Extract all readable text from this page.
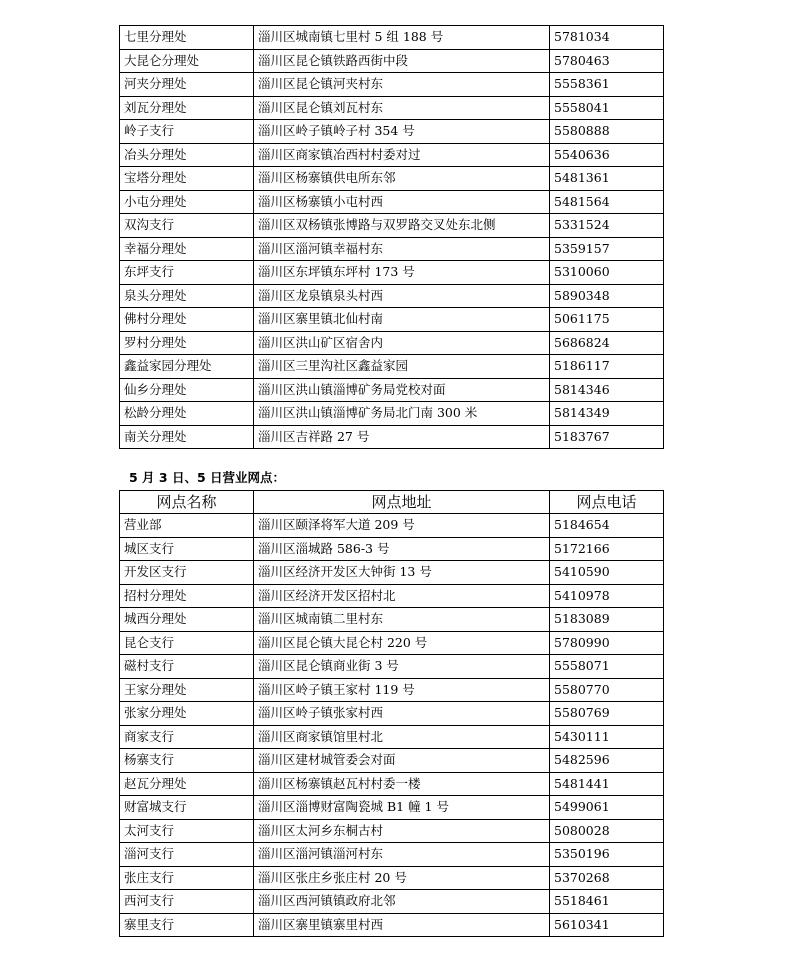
七里分理处	淄川区城南镇七里村 5 组 188 号	5781034
大昆仑分理处	淄川区昆仑镇铁路西街中段	5780463
河夹分理处	淄川区昆仑镇河夹村东	5558361
刘瓦分理处	淄川区昆仑镇刘瓦村东	5558041
岭子支行	淄川区岭子镇岭子村 354 号	5580888
冶头分理处	淄川区商家镇冶西村村委对过	5540636
宝塔分理处	淄川区杨寨镇供电所东邻	5481361
小屯分理处	淄川区杨寨镇小屯村西	5481564
双沟支行	淄川区双杨镇张博路与双罗路交叉处东北侧	5331524
幸福分理处	淄川区淄河镇幸福村东	5359157
东坪支行	淄川区东坪镇东坪村 173 号	5310060
泉头分理处	淄川区龙泉镇泉头村西	5890348
佛村分理处	淄川区寨里镇北仙村南	5061175
罗村分理处	淄川区洪山矿区宿舍内	5686824
鑫益家园分理处	淄川区三里沟社区鑫益家园	5186117
仙乡分理处	淄川区洪山镇淄博矿务局党校对面	5814346
松龄分理处	淄川区洪山镇淄博矿务局北门南 300 米	5814349
南关分理处	淄川区吉祥路 27 号	5183767
5 月 3 日、5 日营业网点：
网点名称	网点地址	网点电话
营业部	淄川区颐泽将军大道 209 号	5184654
城区支行	淄川区淄城路 586-3 号	5172166
开发区支行	淄川区经济开发区大钟街 13 号	5410590
招村分理处	淄川区经济开发区招村北	5410978
城西分理处	淄川区城南镇二里村东	5183089
昆仑支行	淄川区昆仑镇大昆仑村 220 号	5780990
磁村支行	淄川区昆仑镇商业街 3 号	5558071
王家分理处	淄川区岭子镇王家村 119 号	5580770
张家分理处	淄川区岭子镇张家村西	5580769
商家支行	淄川区商家镇馆里村北	5430111
杨寨支行	淄川区建材城管委会对面	5482596
赵瓦分理处	淄川区杨寨镇赵瓦村村委一楼	5481441
财富城支行	淄川区淄博财富陶瓷城 B1 幢 1 号	5499061
太河支行	淄川区太河乡东桐古村	5080028
淄河支行	淄川区淄河镇淄河村东	5350196
张庄支行	淄川区张庄乡张庄村 20 号	5370268
西河支行	淄川区西河镇镇政府北邻	5518461
寨里支行	淄川区寨里镇寨里村西	5610341
